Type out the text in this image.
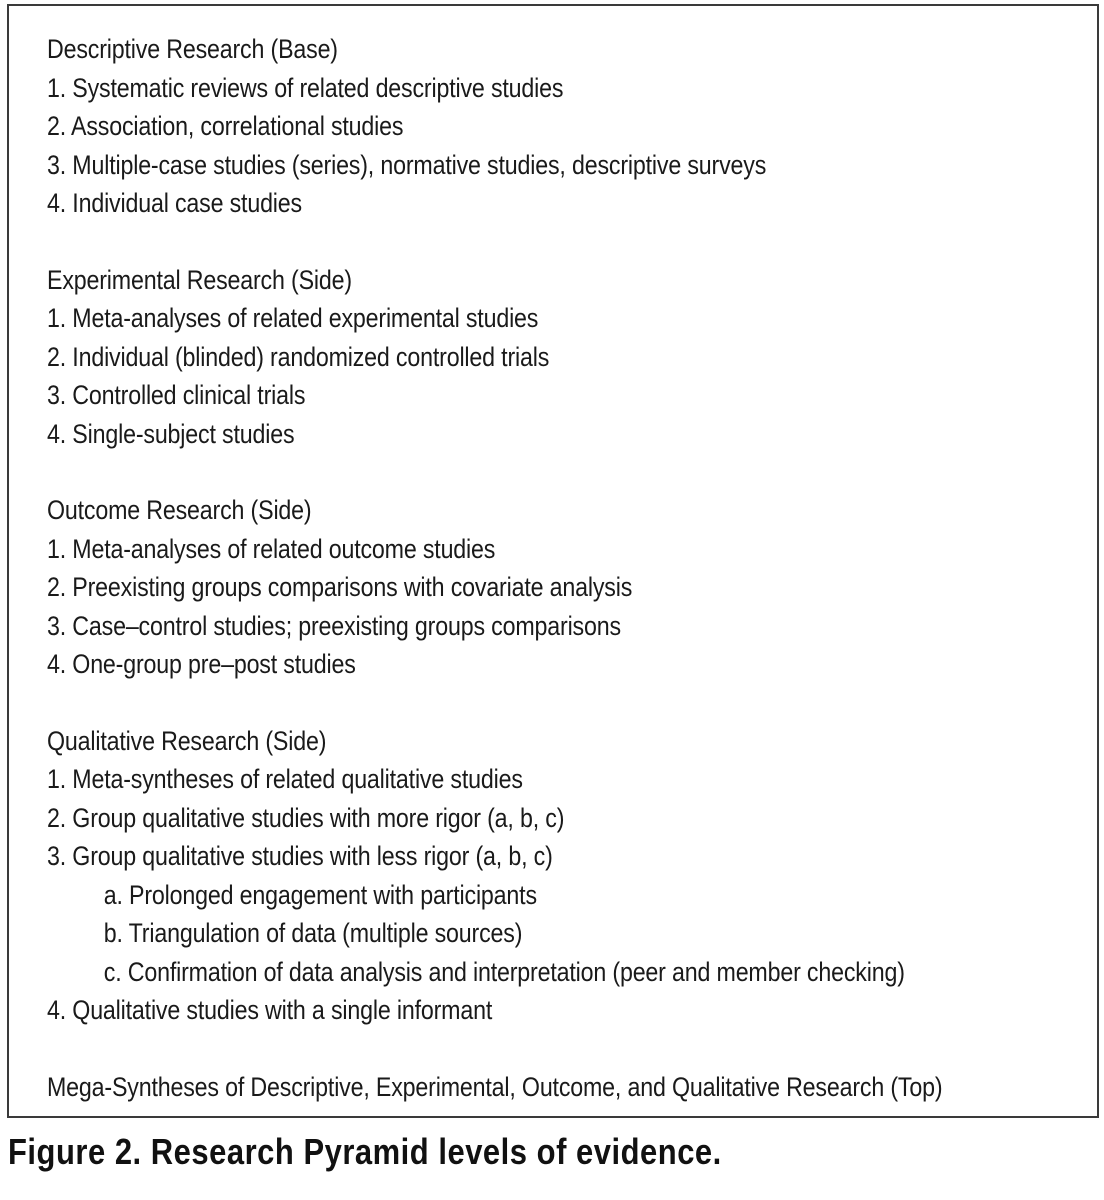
Descriptive Research (Base)
1. Systematic reviews of related descriptive studies
2. Association, correlational studies
3. Multiple-case studies (series), normative studies, descriptive surveys
4. Individual case studies
Experimental Research (Side)
1. Meta-analyses of related experimental studies
2. Individual (blinded) randomized controlled trials
3. Controlled clinical trials
4. Single-subject studies
Outcome Research (Side)
1. Meta-analyses of related outcome studies
2. Preexisting groups comparisons with covariate analysis
3. Case–control studies; preexisting groups comparisons
4. One-group pre–post studies
Qualitative Research (Side)
1. Meta-syntheses of related qualitative studies
2. Group qualitative studies with more rigor (a, b, c)
3. Group qualitative studies with less rigor (a, b, c)
a. Prolonged engagement with participants
b. Triangulation of data (multiple sources)
c. Confirmation of data analysis and interpretation (peer and member checking)
4. Qualitative studies with a single informant
Mega-Syntheses of Descriptive, Experimental, Outcome, and Qualitative Research (Top)
Figure 2. Research Pyramid levels of evidence.
